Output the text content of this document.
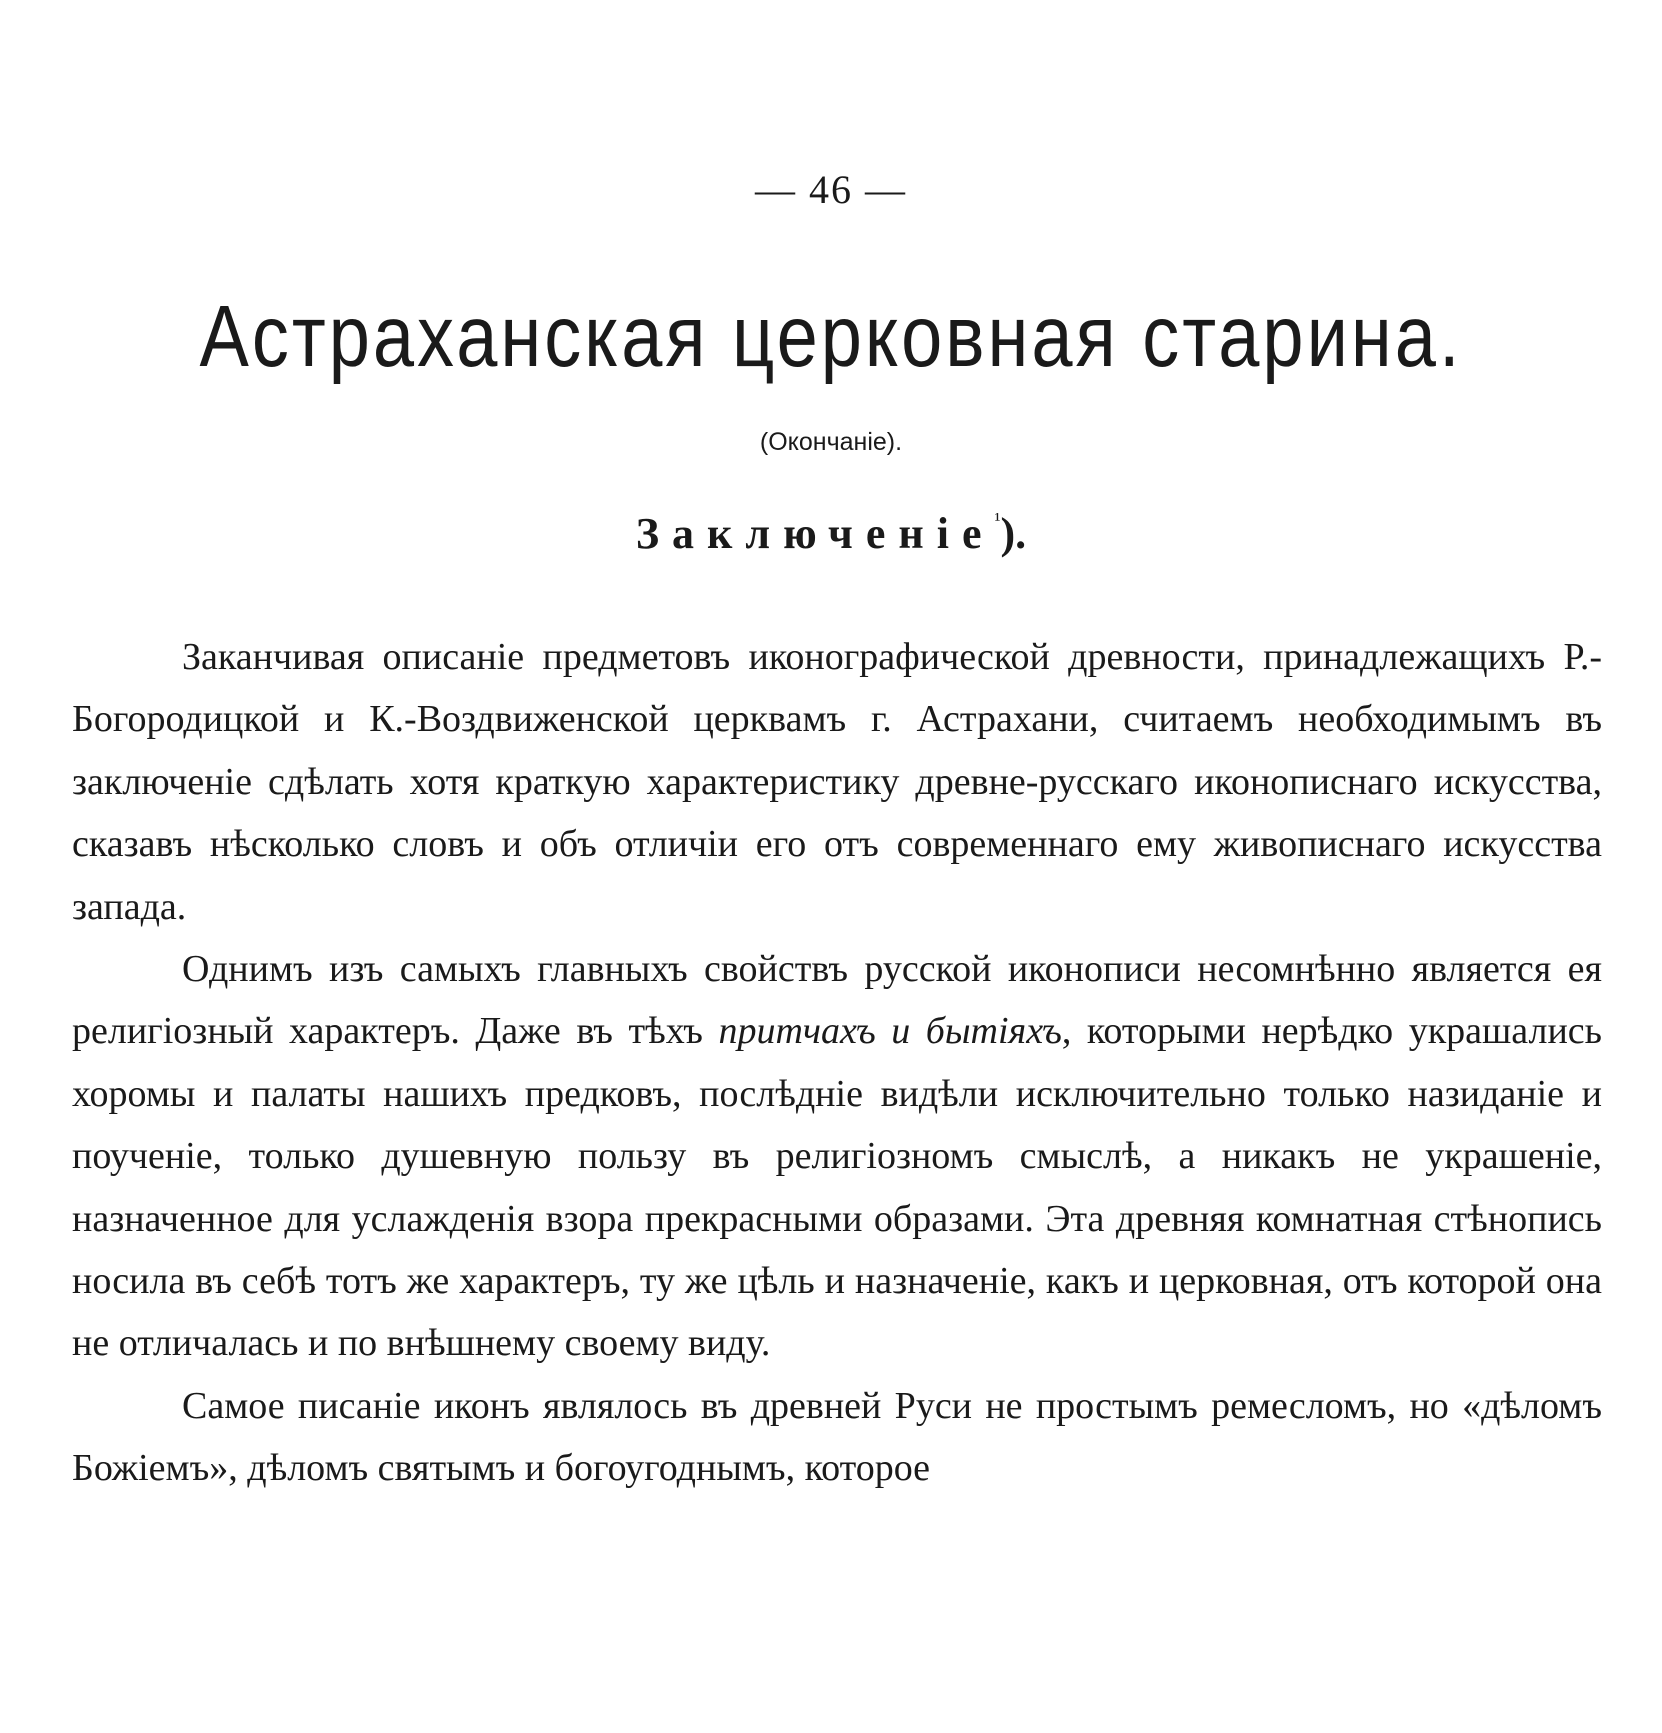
— 46 —
Астраханская церковная старина.
(Окончаніе).
Заключеніе$^{^1}$).

Заканчивая описаніе предметовъ иконографической древности, принадлежащихъ Р.-Богородицкой и К.-Воздвиженской церквамъ г. Астрахани, считаемъ необходимымъ въ заключеніе сдѣлать хотя краткую характеристику древне-русскаго иконописнаго искусства, сказавъ нѣсколько словъ и объ отличіи его отъ современнаго ему живописнаго искусства запада.

Однимъ изъ самыхъ главныхъ свойствъ русской иконописи несомнѣнно является ея религіозный характеръ. Даже въ тѣхъ притчахъ и бытіяхъ, которыми нерѣдко украшались хоромы и палаты нашихъ предковъ, послѣдніе видѣли исключительно только назиданіе и поученіе, только душевную пользу въ религіозномъ смыслѣ, а никакъ не украшеніе, назначенное для услажденія взора прекрасными образами. Эта древняя комнатная стѣнопись носила въ себѣ тотъ же характеръ, ту же цѣль и назначеніе, какъ и церковная, отъ которой она не отличалась и по внѣшнему своему виду.

Самое писаніе иконъ являлось въ древней Руси не простымъ ремесломъ, но «дѣломъ Божіемъ», дѣломъ святымъ и богоугоднымъ, которое
